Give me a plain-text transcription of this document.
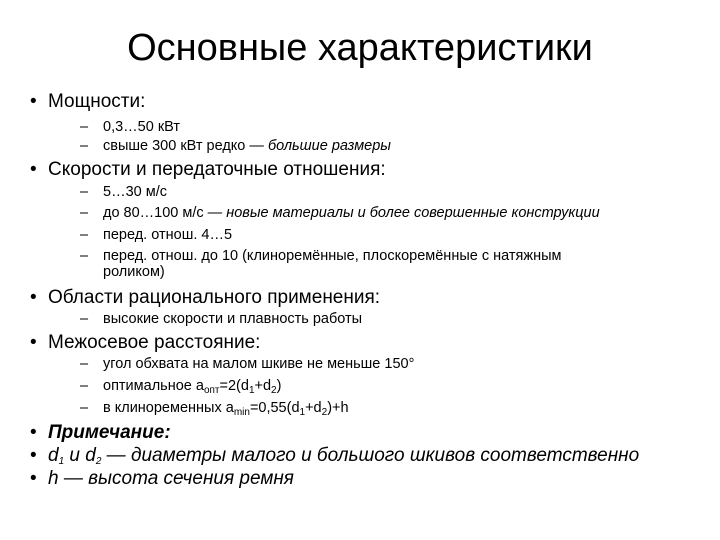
Основные характеристики
• Мощности:
– 0,3…50 кВт
– свыше 300 кВт редко — большие размеры
• Скорости и передаточные отношения:
– 5…30 м/с
– до 80…100 м/с — новые материалы и более совершенные конструкции
– перед. отнош. 4…5
– перед. отнош. до 10 (клиноремённые, плоскоремённые с натяжным
роликом)
• Области рационального применения:
– высокие скорости и плавность работы
• Межосевое расстояние:
– угол обхвата на малом шкиве не меньше 150°
– оптимальное $a_{опт}=2(d_1+d_2)$
– в клиноременных $a_{min}=0,55(d_1+d_2)+h$
• Примечание:
• $d_1$ и $d_2$ — диаметры малого и большого шкивов соответственно
• h — высота сечения ремня
